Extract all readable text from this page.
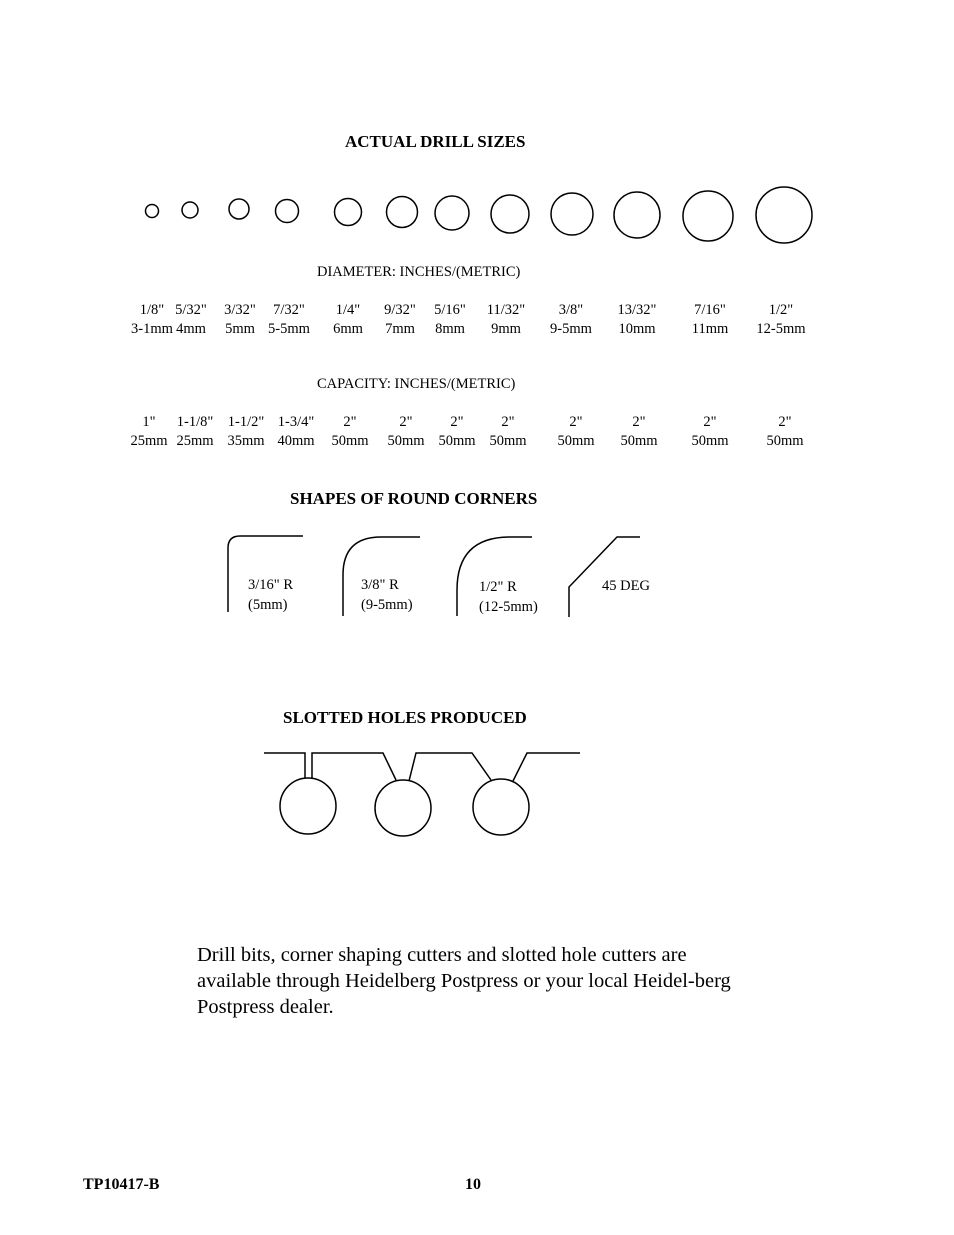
ACTUAL DRILL SIZES
DIAMETER: INCHES/(METRIC)
1/8"
3-1mm
5/32"
4mm
3/32"
5mm
7/32"
5-5mm
1/4"
6mm
9/32"
7mm
5/16"
8mm
11/32"
9mm
3/8"
9-5mm
13/32"
10mm
7/16"
11mm
1/2"
12-5mm
CAPACITY: INCHES/(METRIC)
1"
25mm
1-1/8"
25mm
1-1/2"
35mm
1-3/4"
40mm
2"
50mm
2"
50mm
2"
50mm
2"
50mm
2"
50mm
2"
50mm
2"
50mm
2"
50mm
SHAPES OF ROUND CORNERS
3/16" R
(5mm)
3/8" R
(9-5mm)
1/2" R
(12-5mm)
45 DEG
SLOTTED HOLES PRODUCED
Drill bits, corner shaping cutters and slotted hole cutters are available through Heidelberg Postpress or your local Heidel-berg Postpress dealer.
TP10417-B	10
